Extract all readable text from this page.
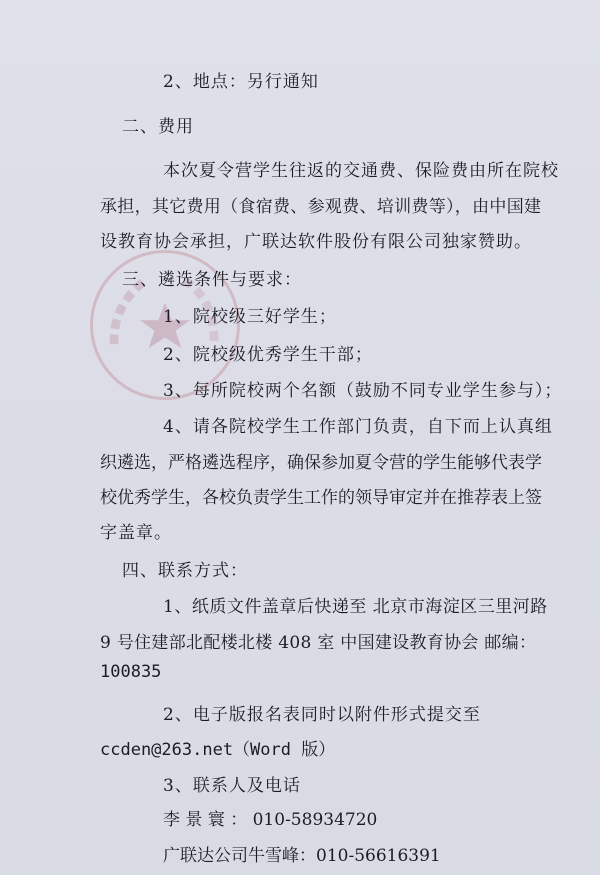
2、地点：另行通知
二、费用
本次夏令营学生往返的交通费、保险费由所在院校
承担，其它费用（食宿费、参观费、培训费等），由中国建
设教育协会承担，广联达软件股份有限公司独家赞助。
三、遴选条件与要求：
1、院校级三好学生；
2、院校级优秀学生干部；
3、每所院校两个名额（鼓励不同专业学生参与）；
4、请各院校学生工作部门负责，自下而上认真组
织遴选，严格遴选程序，确保参加夏令营的学生能够代表学
校优秀学生，各校负责学生工作的领导审定并在推荐表上签
字盖章。
四、联系方式：
1、纸质文件盖章后快递至 北京市海淀区三里河路
9 号住建部北配楼北楼 408 室 中国建设教育协会 邮编：
100835
2、电子版报名表同时以附件形式提交至
ccden@263.net（Word 版）
3、联系人及电话
李 景 寰 ： 010-58934720
广联达公司牛雪峰：010-56616391
